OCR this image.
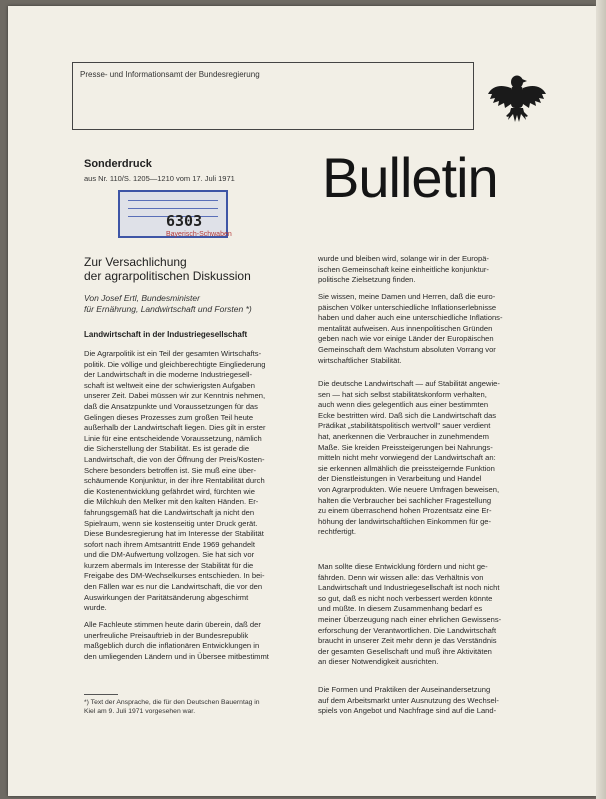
Presse- und Informationsamt der Bundesregierung
Sonderdruck
aus Nr. 110/S. 1205—1210 vom 17. Juli 1971 Bulletin
6303
Bayerisch-Schwaben
Zur Versachlichung
der agrarpolitischen Diskussion
Von Josef Ertl, Bundesminister
für Ernährung, Landwirtschaft und Forsten *)
Landwirtschaft in der Industriegesellschaft
Die Agrarpolitik ist ein Teil der gesamten Wirtschafts-
politik. Die völlige und gleichberechtigte Eingliederung
der Landwirtschaft in die moderne Industriegesell-
schaft ist weltweit eine der schwierigsten Aufgaben
unserer Zeit. Dabei müssen wir zur Kenntnis nehmen,
daß die Ansatzpunkte und Voraussetzungen für das
Gelingen dieses Prozesses zum großen Teil heute
außerhalb der Landwirtschaft liegen. Dies gilt in erster
Linie für eine entscheidende Voraussetzung, nämlich
die Sicherstellung der Stabilität. Es ist gerade die
Landwirtschaft, die von der Öffnung der Preis/Kosten-
Schere besonders betroffen ist. Sie muß eine über-
schäumende Konjunktur, in der ihre Rentabilität durch
die Kostenentwicklung gefährdet wird, fürchten wie
die Milchkuh den Melker mit den kalten Händen. Er-
fahrungsgemäß hat die Landwirtschaft ja nicht den
Spielraum, wenn sie kostenseitig unter Druck gerät.
Diese Bundesregierung hat im Interesse der Stabilität
sofort nach ihrem Amtsantritt Ende 1969 gehandelt
und die DM-Aufwertung vollzogen. Sie hat sich vor
kurzem abermals im Interesse der Stabilität für die
Freigabe des DM-Wechselkurses entschieden. In bei-
den Fällen war es nur die Landwirtschaft, die vor den
Auswirkungen der Paritätsänderung abgeschirmt
wurde.
Alle Fachleute stimmen heute darin überein, daß der
unerfreuliche Preisauftrieb in der Bundesrepublik
maßgeblich durch die inflationären Entwicklungen in
den umliegenden Ländern und in Übersee mitbestimmt
*) Text der Ansprache, die für den Deutschen Bauerntag in
Kiel am 9. Juli 1971 vorgesehen war.
wurde und bleiben wird, solange wir in der Europä-
ischen Gemeinschaft keine einheitliche konjunktur-
politische Zielsetzung finden.
Sie wissen, meine Damen und Herren, daß die euro-
päischen Völker unterschiedliche Inflationserlebnisse
haben und daher auch eine unterschiedliche Inflations-
mentalität aufweisen. Aus innenpolitischen Gründen
geben nach wie vor einige Länder der Europäischen
Gemeinschaft dem Wachstum absoluten Vorrang vor
wirtschaftlicher Stabilität.
Die deutsche Landwirtschaft — auf Stabilität angewie-
sen — hat sich selbst stabilitätskonform verhalten,
auch wenn dies gelegentlich aus einer bestimmten
Ecke bestritten wird. Daß sich die Landwirtschaft das
Prädikat „stabilitätspolitisch wertvoll" sauer verdient
hat, anerkennen die Verbraucher in zunehmendem
Maße. Sie kreiden Preissteigerungen bei Nahrungs-
mitteln nicht mehr vorwiegend der Landwirtschaft an:
sie erkennen allmählich die preissteigernde Funktion
der Dienstleistungen in Verarbeitung und Handel
von Agrarprodukten. Wie neuere Umfragen beweisen,
halten die Verbraucher bei sachlicher Fragestellung
zu einem überraschend hohen Prozentsatz eine Er-
höhung der landwirtschaftlichen Einkommen für ge-
rechtfertigt.
Man sollte diese Entwicklung fördern und nicht ge-
fährden. Denn wir wissen alle: das Verhältnis von
Landwirtschaft und Industriegesellschaft ist noch nicht
so gut, daß es nicht noch verbessert werden könnte
und müßte. In diesem Zusammenhang bedarf es
meiner Überzeugung nach einer ehrlichen Gewissens-
erforschung der Verantwortlichen. Die Landwirtschaft
braucht in unserer Zeit mehr denn je das Verständnis
der gesamten Gesellschaft und muß ihre Aktivitäten
an dieser Notwendigkeit ausrichten.
Die Formen und Praktiken der Auseinandersetzung
auf dem Arbeitsmarkt unter Ausnutzung des Wechsel-
spiels von Angebot und Nachfrage sind auf die Land-
